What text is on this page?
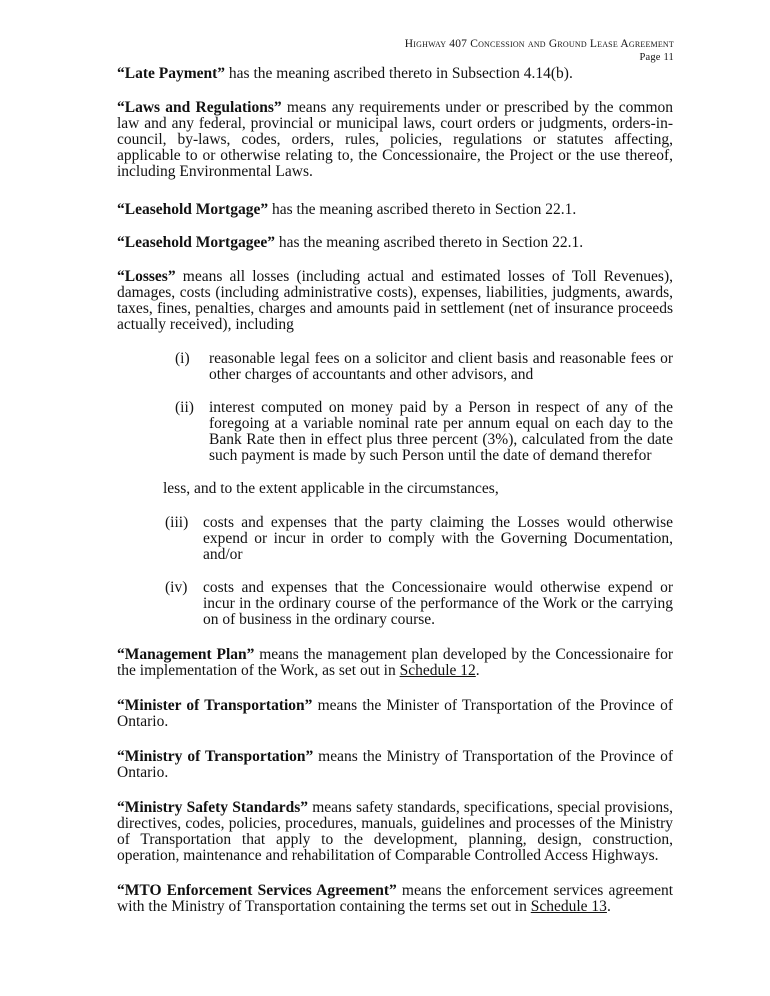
Highway 407 Concession and Ground Lease Agreement
Page 11

“Late Payment” has the meaning ascribed thereto in Subsection 4.14(b).

“Laws and Regulations” means any requirements under or prescribed by the common law and any federal, provincial or municipal laws, court orders or judgments, orders-in-council, by-laws, codes, orders, rules, policies, regulations or statutes affecting, applicable to or otherwise relating to, the Concessionaire, the Project or the use thereof, including Environmental Laws.

“Leasehold Mortgage” has the meaning ascribed thereto in Section 22.1.

“Leasehold Mortgagee” has the meaning ascribed thereto in Section 22.1.

“Losses” means all losses (including actual and estimated losses of Toll Revenues), damages, costs (including administrative costs), expenses, liabilities, judgments, awards, taxes, fines, penalties, charges and amounts paid in settlement (net of insurance proceeds actually received), including

(i) reasonable legal fees on a solicitor and client basis and reasonable fees or other charges of accountants and other advisors, and

(ii) interest computed on money paid by a Person in respect of any of the foregoing at a variable nominal rate per annum equal on each day to the Bank Rate then in effect plus three percent (3%), calculated from the date such payment is made by such Person until the date of demand therefor

less, and to the extent applicable in the circumstances,

(iii) costs and expenses that the party claiming the Losses would otherwise expend or incur in order to comply with the Governing Documentation, and/or

(iv) costs and expenses that the Concessionaire would otherwise expend or incur in the ordinary course of the performance of the Work or the carrying on of business in the ordinary course.

“Management Plan” means the management plan developed by the Concessionaire for the implementation of the Work, as set out in Schedule 12.

“Minister of Transportation” means the Minister of Transportation of the Province of Ontario.

“Ministry of Transportation” means the Ministry of Transportation of the Province of Ontario.

“Ministry Safety Standards” means safety standards, specifications, special provisions, directives, codes, policies, procedures, manuals, guidelines and processes of the Ministry of Transportation that apply to the development, planning, design, construction, operation, maintenance and rehabilitation of Comparable Controlled Access Highways.

“MTO Enforcement Services Agreement” means the enforcement services agreement with the Ministry of Transportation containing the terms set out in Schedule 13.
